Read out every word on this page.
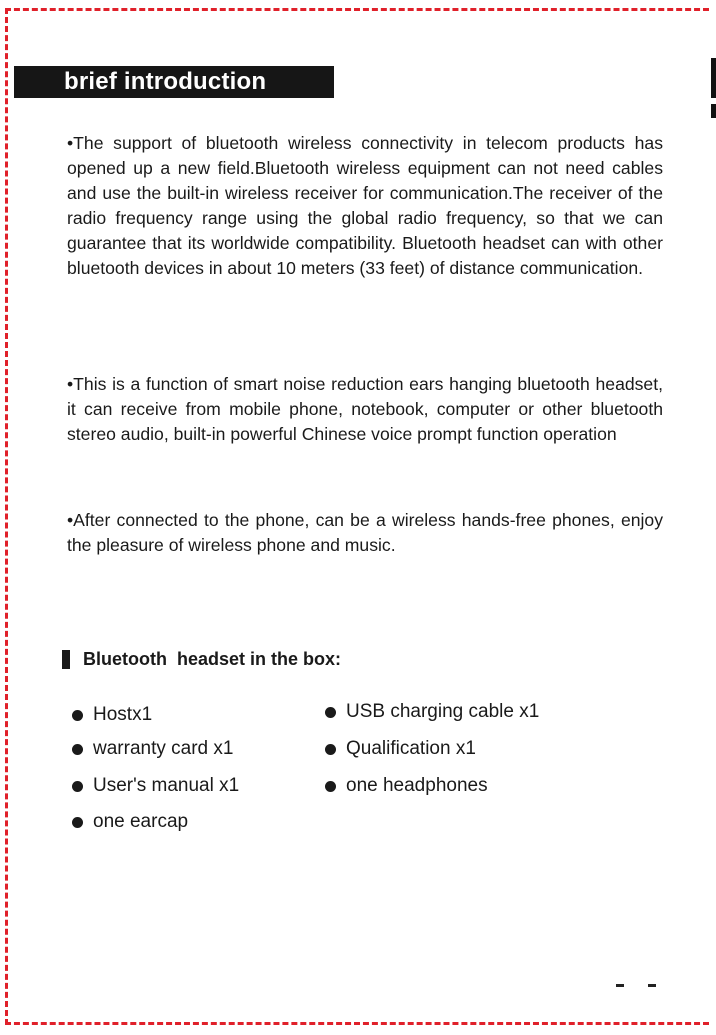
brief introduction

•The support of bluetooth wireless connectivity in telecom products has opened up a new field.Bluetooth wireless equipment can not need cables and use the built-in wireless receiver for communication.The receiver of the radio frequency range using the global radio frequency, so that we can guarantee that its worldwide compatibility. Bluetooth headset can with other bluetooth devices in about 10 meters (33 feet) of distance communication.

•This is a function of smart noise reduction ears hanging bluetooth headset, it can receive from mobile phone, notebook, computer or other bluetooth stereo audio, built-in powerful Chinese voice prompt function operation

•After connected to the phone, can be a wireless hands-free phones, enjoy the pleasure of wireless phone and music.

Bluetooth  headset in the box:
Hostx1
warranty card x1
User's manual x1
one earcap
USB charging cable x1
Qualification x1
one headphones
